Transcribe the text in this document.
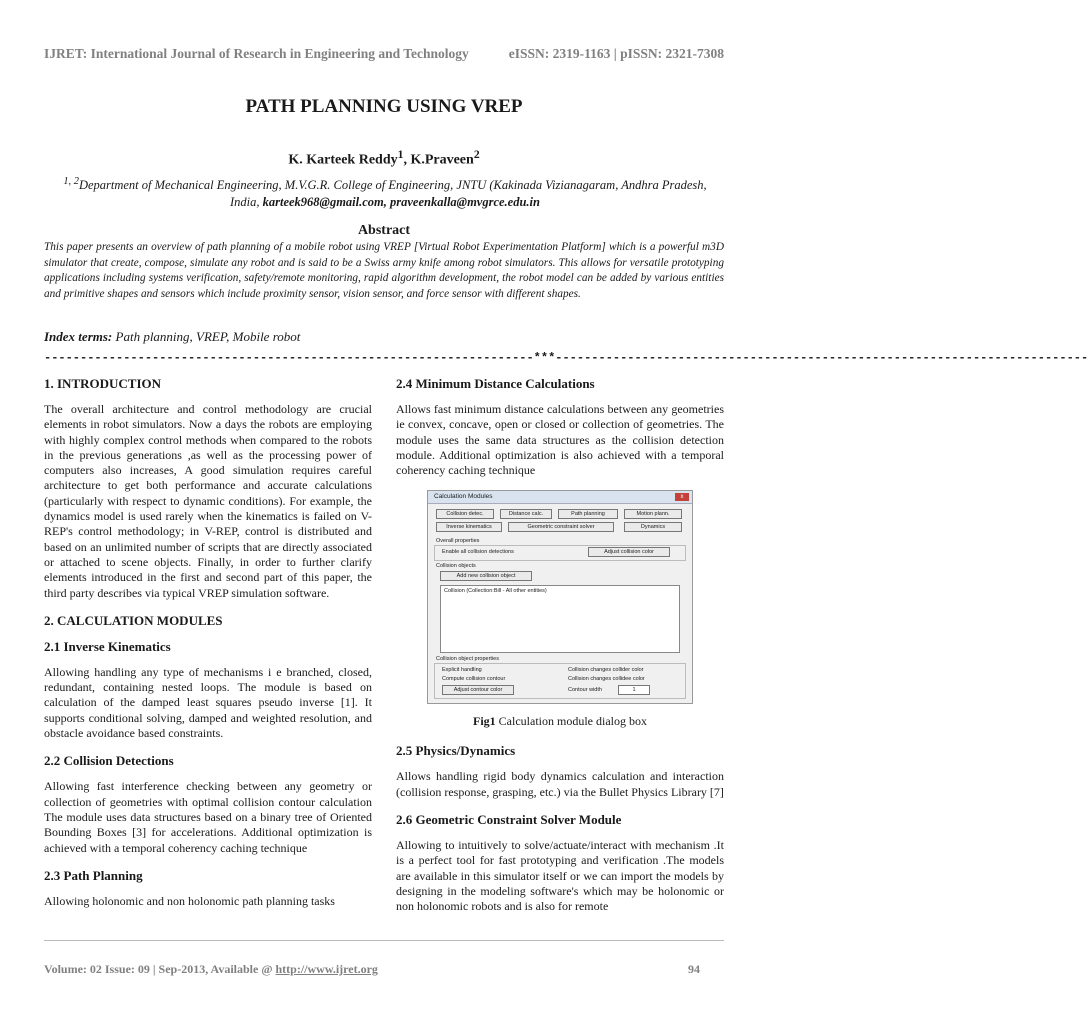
IJRET: International Journal of Research in Engineering and Technology	eISSN: 2319-1163 | pISSN: 2321-7308
PATH PLANNING USING VREP
K. Karteek Reddy$^1$, K.Praveen$^2$
$^{1, 2}$Department of Mechanical Engineering, M.V.G.R. College of Engineering, JNTU (Kakinada Vizianagaram, Andhra Pradesh, India, karteek968@gmail.com, praveenkalla@mvgrce.edu.in
Abstract
This paper presents an overview of path planning of a mobile robot using VREP [Virtual Robot Experimentation Platform] which is a powerful m3D simulator that create, compose, simulate any robot and is said to be a Swiss army knife among robot simulators. This allows for versatile prototyping applications including systems verification, safety/remote monitoring, rapid algorithm development, the robot model can be added by various entities and primitive shapes and sensors which include proximity sensor, vision sensor, and force sensor with different shapes.
Index terms: Path planning, VREP, Mobile robot
--------------------------------------------------------------------***--------------------------------------------------------------------------
1. INTRODUCTION

The overall architecture and control methodology are crucial elements in robot simulators. Now a days the robots are employing with highly complex control methods when compared to the robots in the previous generations ,as well as the processing power of computers also increases, A good simulation requires careful architecture to get both performance and accurate calculations (particularly with respect to dynamic conditions). For example, the dynamics model is used rarely when the kinematics is failed on V-REP's control methodology; in V-REP, control is distributed and based on an unlimited number of scripts that are directly associated or attached to scene objects. Finally, in order to further clarify elements introduced in the first and second part of this paper, the third party describes via typical VREP simulation software.

2. CALCULATION MODULES
2.1 Inverse Kinematics

Allowing handling any type of mechanisms i e branched, closed, redundant, containing nested loops. The module is based on calculation of the damped least squares pseudo inverse [1]. It supports conditional solving, damped and weighted resolution, and obstacle avoidance based constraints.

2.2 Collision Detections

Allowing fast interference checking between any geometry or collection of geometries with optimal collision contour calculation The module uses data structures based on a binary tree of Oriented Bounding Boxes [3] for accelerations. Additional optimization is achieved with a temporal coherency caching technique

2.3 Path Planning

Allowing holonomic and non holonomic path planning tasks

2.4 Minimum Distance Calculations

Allows fast minimum distance calculations between any geometries ie convex, concave, open or closed or collection of geometries. The module uses the same data structures as the collision detection module. Additional optimization is also achieved with a temporal coherency caching technique

Calculation Modules	x
Collision detec.	Distance calc.	Path planning	Motion plann.
Inverse kinematics	Geometric constraint solver	Dynamics
Overall properties
Enable all collision detections	Adjust collision color
Collision objects
Add new collision object
Collision (Collection:Bill - All other entities)
Collision object properties
Explicit handling	Collision changes collider color
Compute collision contour	Collision changes collidee color
Adjust contour color	Contour width	1
Fig1 Calculation module dialog box
2.5 Physics/Dynamics

Allows handling rigid body dynamics calculation and interaction (collision response, grasping, etc.) via the Bullet Physics Library [7]

2.6 Geometric Constraint Solver Module

Allowing to intuitively to solve/actuate/interact with mechanism .It is a perfect tool for fast prototyping and verification .The models are available in this simulator itself or we can import the models by designing in the modeling software's which may be holonomic or non holonomic robots and is also for remote

Volume: 02 Issue: 09 | Sep-2013, Available @ http://www.ijret.org	94
